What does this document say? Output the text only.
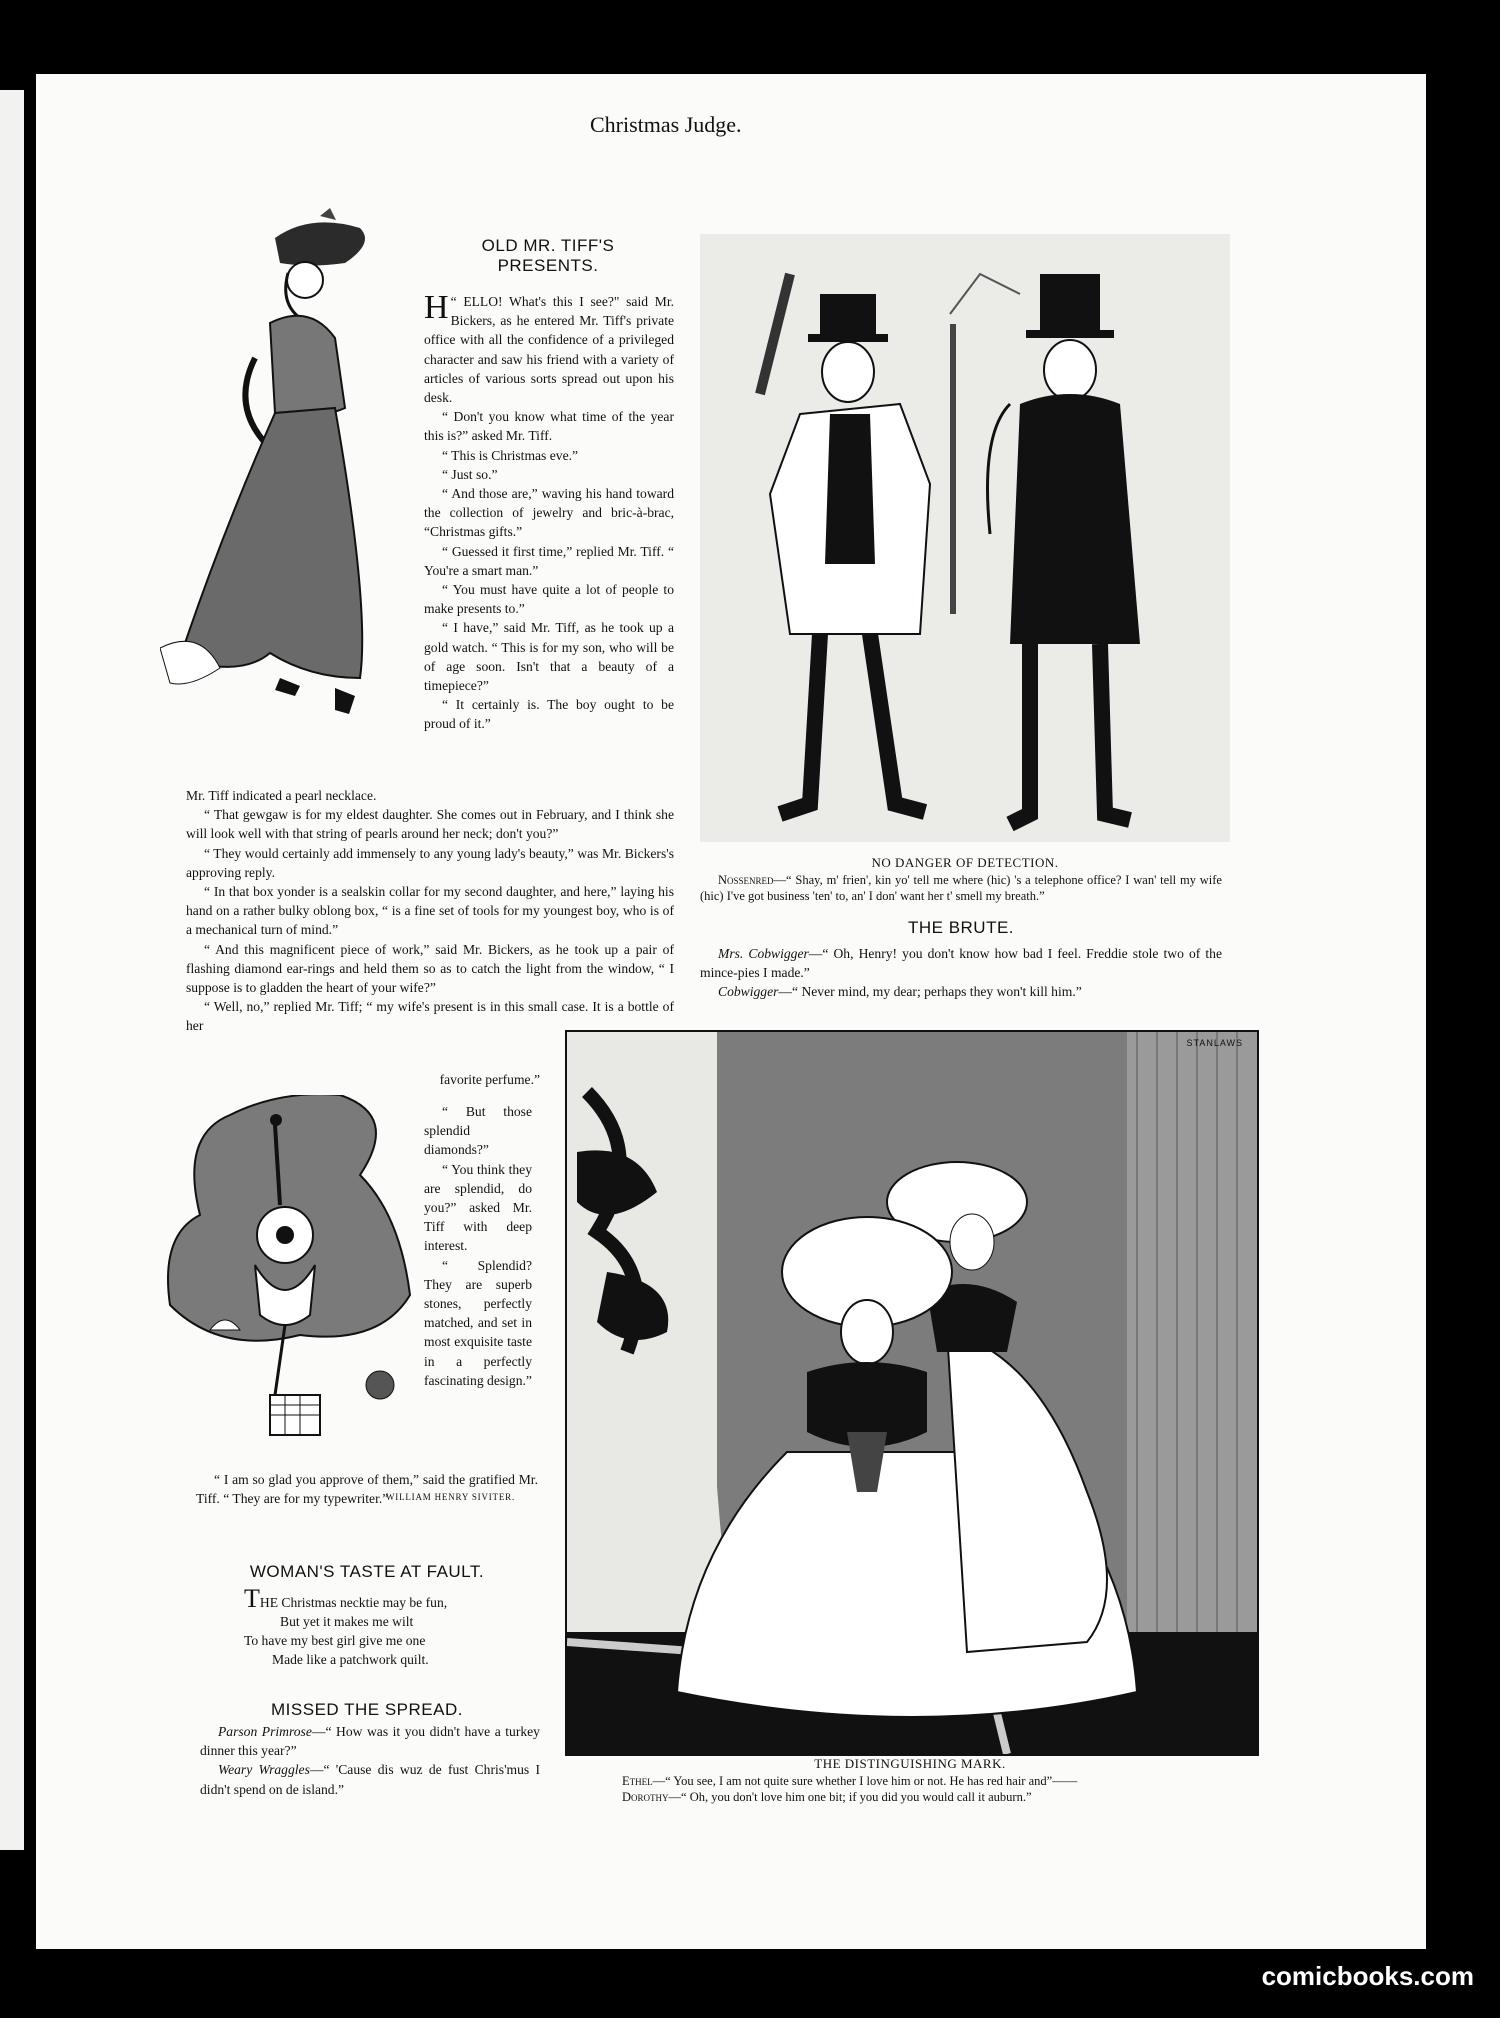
Christmas Judge.
OLD MR. TIFF'S
PRESENTS.

“
H ELLO! What's this I see?" said Mr. Bickers, as he entered Mr. Tiff's private office with all the confidence of a privileged character and saw his friend with a variety of articles of various sorts spread out upon his desk.

“ Don't you know what time of the year this is?” asked Mr. Tiff.

“ This is Christmas eve.”

“ Just so.”

“ And those are,” waving his hand toward the collection of jewelry and bric-à-brac, “Christmas gifts.”

“ Guessed it first time,” replied Mr. Tiff. “ You're a smart man.”

“ You must have quite a lot of people to make presents to.”

“ I have,” said Mr. Tiff, as he took up a gold watch. “ This is for my son, who will be of age soon. Isn't that a beauty of a timepiece?”

“ It certainly is. The boy ought to be proud of it.”

Mr. Tiff indicated a pearl necklace.

“ That gewgaw is for my eldest daughter. She comes out in February, and I think she will look well with that string of pearls around her neck; don't you?”

“ They would certainly add immensely to any young lady's beauty,” was Mr. Bickers's approving reply.

“ In that box yonder is a sealskin collar for my second daughter, and here,” laying his hand on a rather bulky oblong box, “ is a fine set of tools for my youngest boy, who is of a mechanical turn of mind.”

“ And this magnificent piece of work,” said Mr. Bickers, as he took up a pair of flashing diamond ear-rings and held them so as to catch the light from the window, “ I suppose is to gladden the heart of your wife?”

“ Well, no,” replied Mr. Tiff; “ my wife's present is in this small case. It is a bottle of her

favorite perfume.”

“ But those splendid diamonds?”

“ You think they are splendid, do you?” asked Mr. Tiff with deep interest.

“ Splendid? They are superb stones, perfectly matched, and set in most exquisite taste in a perfectly fascinating design.”

“ I am so glad you approve of them,” said the gratified Mr. Tiff. “ They are for my typewriter.”

WILLIAM HENRY SIVITER.
WOMAN'S TASTE AT FAULT.
THE Christmas necktie may be fun,
But yet it makes me wilt
To have my best girl give me one
Made like a patchwork quilt.
MISSED THE SPREAD.

Parson Primrose—“ How was it you didn't have a turkey dinner this year?”

Weary Wraggles—“ 'Cause dis wuz de fust Chris'mus I didn't spend on de island.”

NO DANGER OF DETECTION.

Nossenred—“ Shay, m' frien', kin yo' tell me where (hic) 's a telephone office? I wan' tell my wife (hic) I've got business 'ten' to, an' I don' want her t' smell my breath.”

THE BRUTE.

Mrs. Cobwigger—“ Oh, Henry! you don't know how bad I feel. Freddie stole two of the mince-pies I made.”

Cobwigger—“ Never mind, my dear; perhaps they won't kill him.”

STANLAWS
THE DISTINGUISHING MARK.
Ethel—“ You see, I am not quite sure whether I love him or not. He has red hair and”——
Dorothy—“ Oh, you don't love him one bit; if you did you would call it auburn.”
comicbooks.com
